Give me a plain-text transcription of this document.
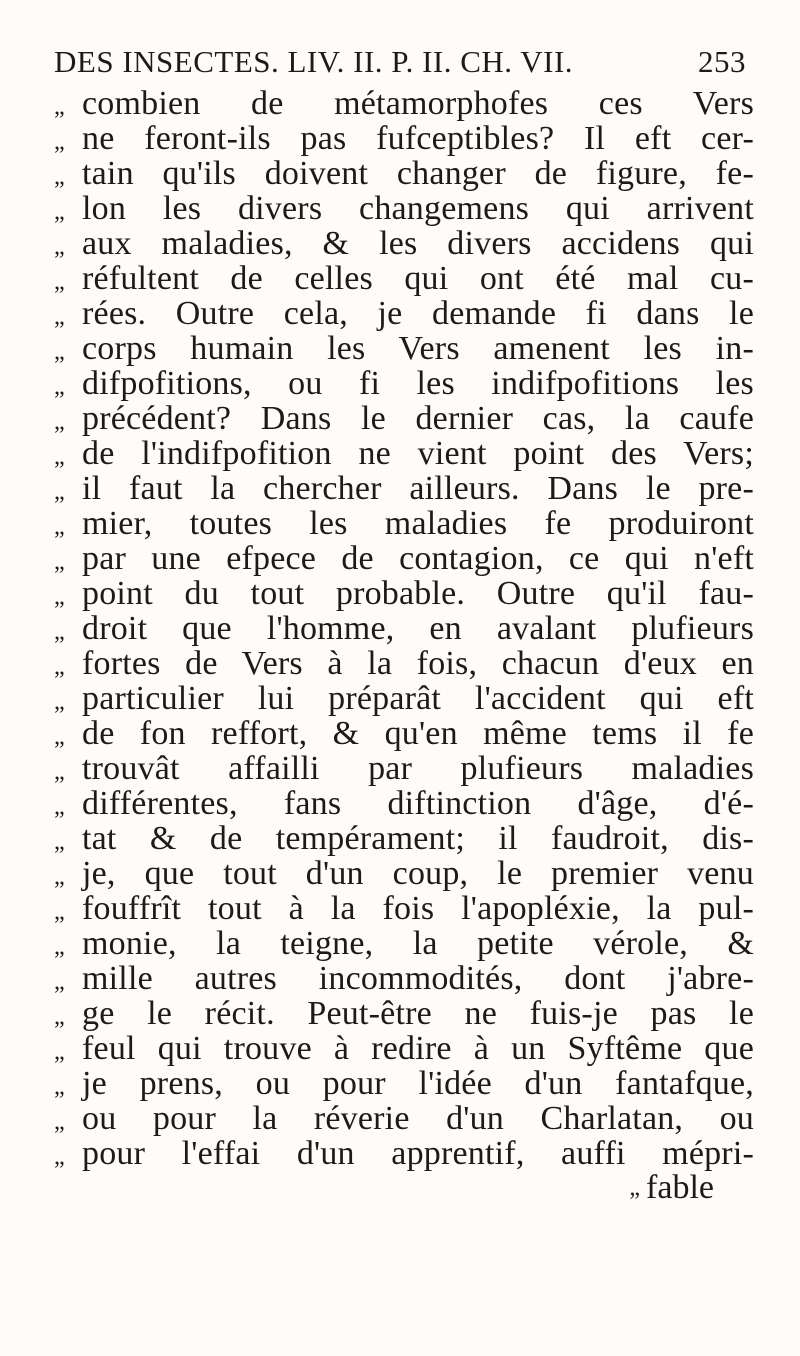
DES INSECTES. LIV. II. P. II. CH. VII.	253
„ combien de métamorphofes ces Vers
„ ne feront-ils pas fufceptibles? Il eft cer-
„ tain qu'ils doivent changer de figure, fe-
„ lon les divers changemens qui arrivent
„ aux maladies, & les divers accidens qui
„ réfultent de celles qui ont été mal cu-
„ rées. Outre cela, je demande fi dans le
„ corps humain les Vers amenent les in-
„ difpofitions, ou fi les indifpofitions les
„ précédent? Dans le dernier cas, la caufe
„ de l'indifpofition ne vient point des Vers;
„ il faut la chercher ailleurs. Dans le pre-
„ mier, toutes les maladies fe produiront
„ par une efpece de contagion, ce qui n'eft
„ point du tout probable. Outre qu'il fau-
„ droit que l'homme, en avalant plufieurs
„ fortes de Vers à la fois, chacun d'eux en
„ particulier lui préparât l'accident qui eft
„ de fon reffort, & qu'en même tems il fe
„ trouvât affailli par plufieurs maladies
„ différentes, fans diftinction d'âge, d'é-
„ tat & de tempérament; il faudroit, dis-
„ je, que tout d'un coup, le premier venu
„ fouffrît tout à la fois l'apopléxie, la pul-
„ monie, la teigne, la petite vérole, &
„ mille autres incommodités, dont j'abre-
„ ge le récit. Peut-être ne fuis-je pas le
„ feul qui trouve à redire à un Syftême que
„ je prens, ou pour l'idée d'un fantafque,
„ ou pour la réverie d'un Charlatan, ou
„ pour l'effai d'un apprentif, auffi mépri-
„ fable
